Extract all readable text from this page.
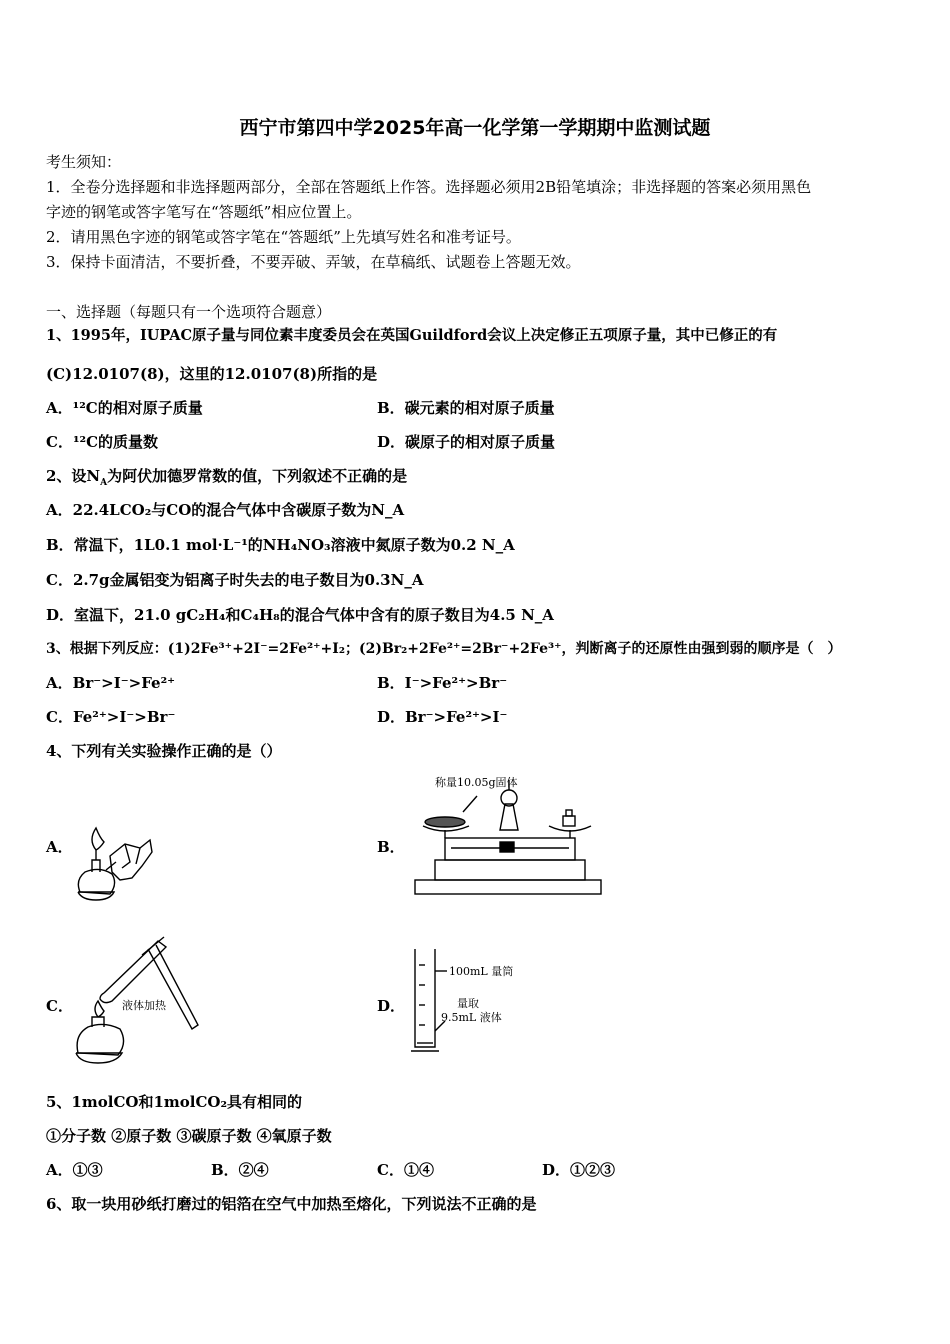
西宁市第四中学2025年高一化学第一学期期中监测试题
考生须知：
1．全卷分选择题和非选择题两部分，全部在答题纸上作答。选择题必须用2B铅笔填涂；非选择题的答案必须用黑色
字迹的钢笔或答字笔写在“答题纸”相应位置上。
2．请用黑色字迹的钢笔或答字笔在“答题纸”上先填写姓名和准考证号。
3．保持卡面清洁，不要折叠，不要弄破、弄皱，在草稿纸、试题卷上答题无效。
一、选择题（每题只有一个选项符合题意）
1、1995年，IUPAC原子量与同位素丰度委员会在英国Guildford会议上决定修正五项原子量，其中已修正的有
(C)12.0107(8)，这里的12.0107(8)所指的是
A．¹²C的相对原子质量	B．碳元素的相对原子质量
C．¹²C的质量数	D．碳原子的相对原子质量
2、设$N_A$为阿伏加德罗常数的值，下列叙述不正确的是
A．22.4LCO₂与CO的混合气体中含碳原子数为N_A
B．常温下，1L0.1 mol·L⁻¹的NH₄NO₃溶液中氮原子数为0.2 N_A
C．2.7g金属铝变为铝离子时失去的电子数目为0.3N_A
D．室温下，21.0 gC₂H₄和C₄H₈的混合气体中含有的原子数目为4.5 N_A
3、根据下列反应：(1)2Fe³⁺+2I⁻=2Fe²⁺+I₂；(2)Br₂+2Fe²⁺=2Br⁻+2Fe³⁺，判断离子的还原性由强到弱的顺序是（　）
A．Br⁻>I⁻>Fe²⁺	B．I⁻>Fe²⁺>Br⁻
C．Fe²⁺>I⁻>Br⁻	D．Br⁻>Fe²⁺>I⁻
4、下列有关实验操作正确的是（）
A．	B．
C．	D．
称量10.05g固体
液体加热
100mL 量筒
量取
9.5mL 液体
5、1molCO和1molCO₂具有相同的
①分子数 ②原子数 ③碳原子数 ④氧原子数
A．①③	B．②④	C．①④	D．①②③
6、取一块用砂纸打磨过的铝箔在空气中加热至熔化，下列说法不正确的是
